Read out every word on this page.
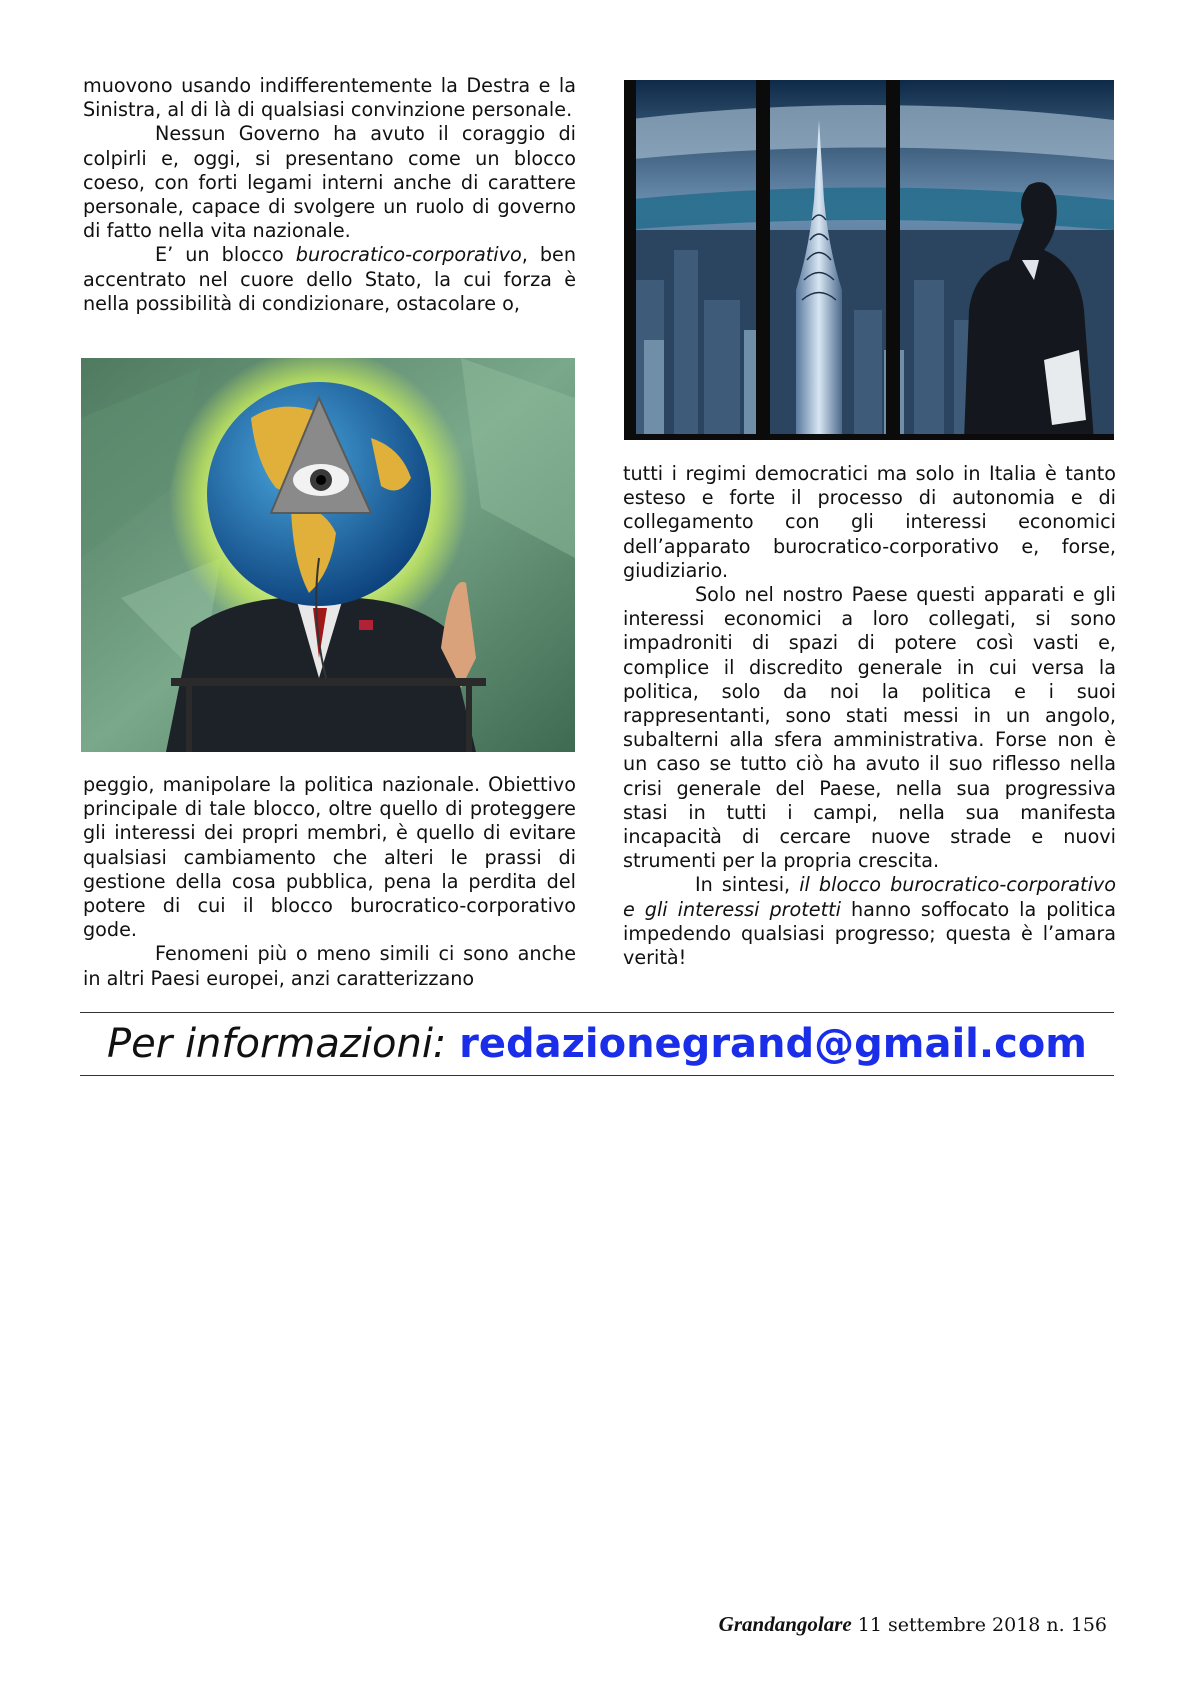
muovono usando indifferentemente la Destra e la Sinistra, al di là di qualsiasi convinzione personale.

Nessun Governo ha avuto il coraggio di colpirli e, oggi, si presentano come un blocco coeso, con forti legami interni anche di carattere personale, capace di svolgere un ruolo di governo di fatto nella vita nazionale.

E’ un blocco burocratico-corporativo, ben accentrato nel cuore dello Stato, la cui forza è nella possibilità di condizionare, ostacolare o,

peggio, manipolare la politica nazionale. Obiettivo principale di tale blocco, oltre quello di proteggere gli interessi dei propri membri, è quello di evitare qualsiasi cambiamento che alteri le prassi di gestione della cosa pubblica, pena la perdita del potere di cui il blocco burocratico-corporativo gode.

Fenomeni più o meno simili ci sono anche in altri Paesi europei, anzi caratterizzano

tutti i regimi democratici ma solo in Italia è tanto esteso e forte il processo di autonomia e di collegamento con gli interessi economici dell’apparato burocratico-corporativo e, forse, giudiziario.

Solo nel nostro Paese questi apparati e gli interessi economici a loro collegati, si sono impadroniti di spazi di potere così vasti e, complice il discredito generale in cui versa la politica, solo da noi la politica e i suoi rappresentanti, sono stati messi in un angolo, subalterni alla sfera amministrativa. Forse non è un caso se tutto ciò ha avuto il suo riflesso nella crisi generale del Paese, nella sua progressiva stasi in tutti i campi, nella sua manifesta incapacità di cercare nuove strade e nuovi strumenti per la propria crescita.

In sintesi, il blocco burocratico-corporativo e gli interessi protetti hanno soffocato la politica impedendo qualsiasi progresso; questa è l’amara verità!

Per informazioni: redazionegrand@gmail.com
Grandangolare 11 settembre 2018 n. 156
